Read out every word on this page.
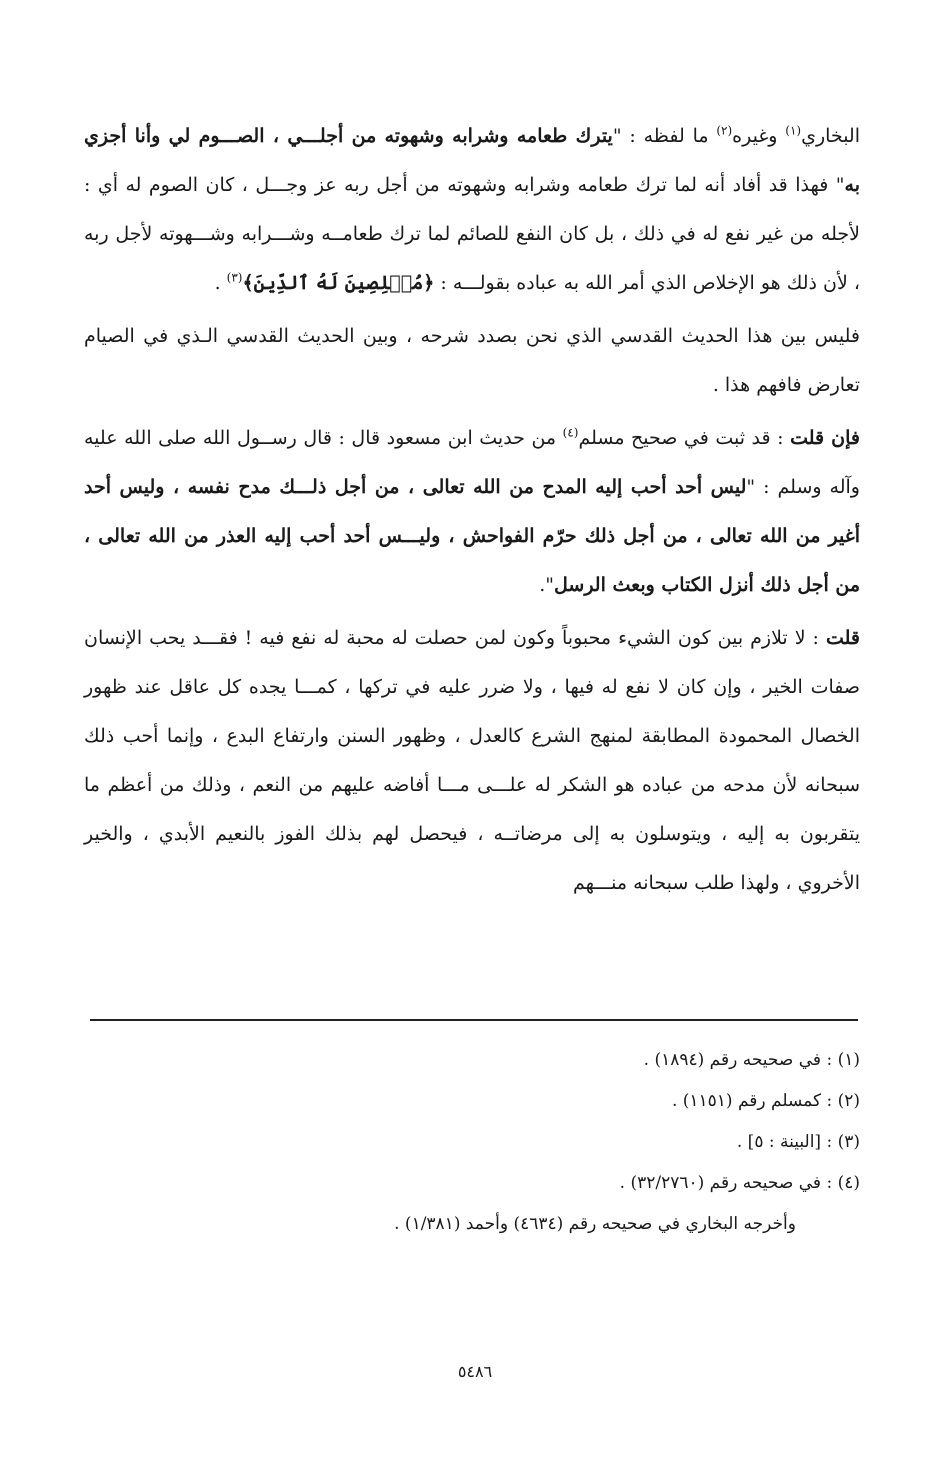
البخاري$^{(١)}$ وغيره$^{(٢)}$ ما لفظه : "يترك طعامه وشرابه وشهوته من أجلـــي ، الصـــوم لي وأنا أجزي به" فهذا قد أفاد أنه لما ترك طعامه وشرابه وشهوته من أجل ربه عز وجـــل ، كان الصوم له أي : لأجله من غير نفع له في ذلك ، بل كان النفع للصائم لما ترك طعامــه وشـــرابه وشـــهوته لأجل ربه ، لأن ذلك هو الإخلاص الذي أمر الله به عباده بقولـــه : ﴿مُخۡلِصِينَ لَهُ ٱلدِّينَ﴾$^{(٣)}$ .

فليس بين هذا الحديث القدسي الذي نحن بصدد شرحه ، وبين الحديث القدسي الـذي في الصيام تعارض فافهم هذا .

فإن قلت : قد ثبت في صحيح مسلم$^{(٤)}$ من حديث ابن مسعود قال : قال رســول الله صلى الله عليه وآله وسلم : "ليس أحد أحب إليه المدح من الله تعالى ، من أجل ذلـــك مدح نفسه ، وليس أحد أغير من الله تعالى ، من أجل ذلك حرّم الفواحش ، وليـــس أحد أحب إليه العذر من الله تعالى ، من أجل ذلك أنزل الكتاب وبعث الرسل".

قلت : لا تلازم بين كون الشيء محبوباً وكون لمن حصلت له محبة له نفع فيه ! فقـــد يحب الإنسان صفات الخير ، وإن كان لا نفع له فيها ، ولا ضرر عليه في تركها ، كمـــا يجده كل عاقل عند ظهور الخصال المحمودة المطابقة لمنهج الشرع كالعدل ، وظهور السنن وارتفاع البدع ، وإنما أحب ذلك سبحانه لأن مدحه من عباده هو الشكر له علـــى مـــا أفاضه عليهم من النعم ، وذلك من أعظم ما يتقربون به إليه ، ويتوسلون به إلى مرضاتــه ، فيحصل لهم بذلك الفوز بالنعيم الأبدي ، والخير الأخروي ، ولهذا طلب سبحانه منـــهم

(١) : في صحيحه رقم (١٨٩٤) .

(٢) : كمسلم رقم (١١٥١) .

(٣) : [البينة : ٥] .

(٤) : في صحيحه رقم (٣٢/٢٧٦٠) .

وأخرجه البخاري في صحيحه رقم (٤٦٣٤) وأحمد (١/٣٨١) .

٥٤٨٦
